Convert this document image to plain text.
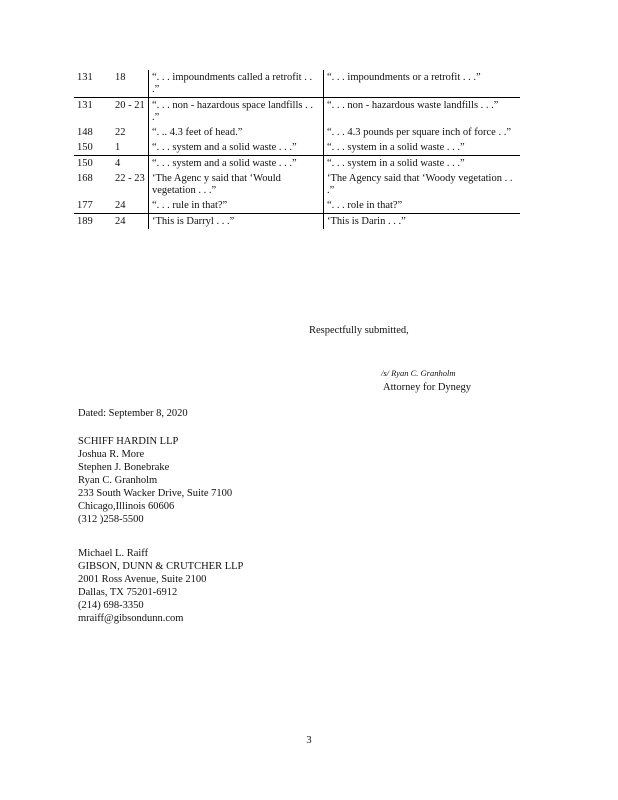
131	18	“. . . impoundments called a retrofit . . .”	“. . . impoundments or a retrofit . . .”
131	20 - 21	“. . . non - hazardous space landfills . . .”	“. . . non - hazardous waste landfills . . .”
148	22	“. .. 4.3 feet of head.”	“. . . 4.3 pounds per square inch of force . .”
150	1	“. . . system and a solid waste . . .”	“. . . system in a solid waste . . .”
150	4	“. . . system and a solid waste . . .”	“. . . system in a solid waste . . .”
168	22 - 23	‘The Agenc y said that ‘Would vegetation . . .”	‘The Agency said that ‘Woody vegetation . . .”
177	24	“. . . rule in that?”	“. . . role in that?”
189	24	‘This is Darryl . . .”	‘This is Darin . . .”
Respectfully submitted,
/s/ Ryan C. Granholm
Attorney for Dynegy
Dated: September 8, 2020
SCHIFF HARDIN LLP
Joshua R. More
Stephen J. Bonebrake
Ryan C. Granholm
233 South Wacker Drive, Suite 7100
Chicago,Illinois 60606
(312 )258-5500
Michael L. Raiff
GIBSON, DUNN & CRUTCHER LLP
2001 Ross Avenue, Suite 2100
Dallas, TX 75201-6912
(214) 698-3350
mraiff@gibsondunn.com
3
